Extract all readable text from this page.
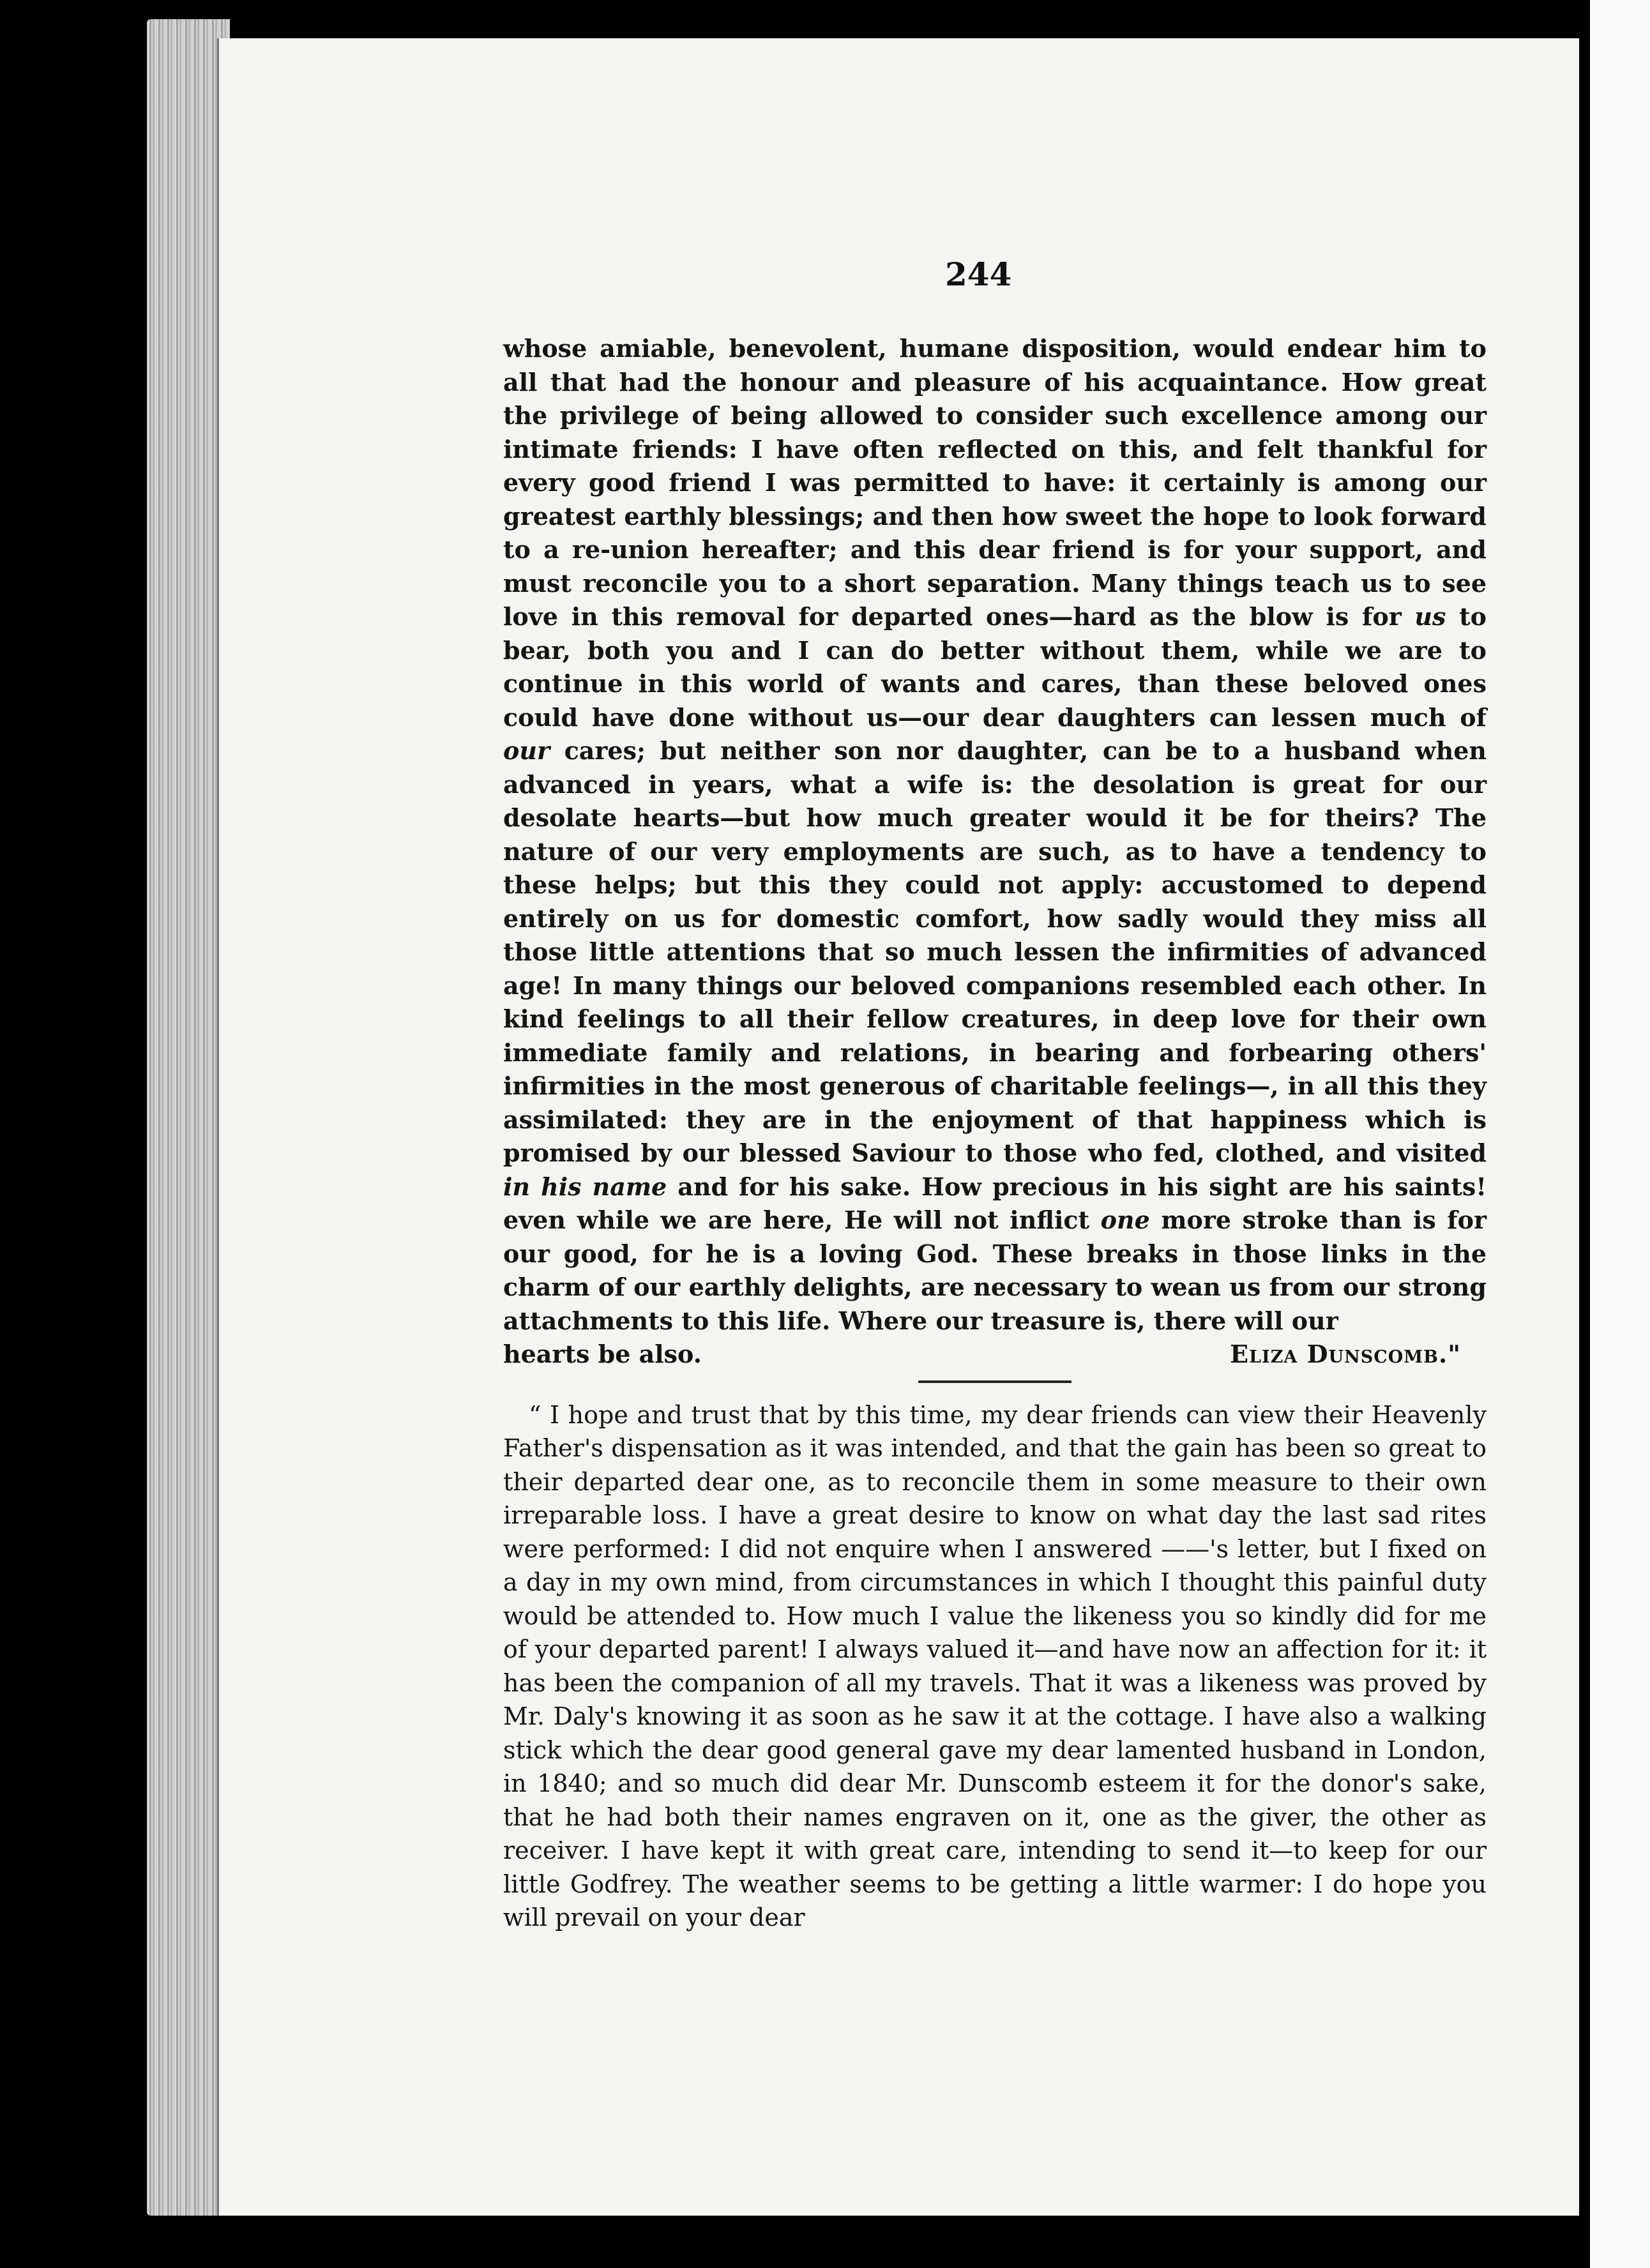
244

whose amiable, benevolent, humane disposition, would endear him to all that had the honour and pleasure of his acquaintance. How great the privilege of being allowed to consider such excellence among our intimate friends: I have often reflected on this, and felt thankful for every good friend I was permitted to have: it certainly is among our greatest earthly blessings; and then how sweet the hope to look forward to a re-union hereafter; and this dear friend is for your support, and must reconcile you to a short separation. Many things teach us to see love in this removal for departed ones—hard as the blow is for us to bear, both you and I can do better without them, while we are to continue in this world of wants and cares, than these beloved ones could have done without us—our dear daughters can lessen much of our cares; but neither son nor daughter, can be to a husband when advanced in years, what a wife is: the desolation is great for our desolate hearts—but how much greater would it be for theirs? The nature of our very employments are such, as to have a tendency to these helps; but this they could not apply: accustomed to depend entirely on us for domestic comfort, how sadly would they miss all those little attentions that so much lessen the infirmities of advanced age! In many things our beloved companions resembled each other. In kind feelings to all their fellow creatures, in deep love for their own immediate family and relations, in bearing and forbearing others' infirmities in the most generous of charitable feelings—, in all this they assimilated: they are in the enjoyment of that happiness which is promised by our blessed Saviour to those who fed, clothed, and visited in his name and for his sake. How precious in his sight are his saints! even while we are here, He will not inflict one more stroke than is for our good, for he is a loving God. These breaks in those links in the charm of our earthly delights, are necessary to wean us from our strong attachments to this life. Where our treasure is, there will our

hearts be also.	Eliza Dunscomb."

“ I hope and trust that by this time, my dear friends can view their Heavenly Father's dispensation as it was intended, and that the gain has been so great to their departed dear one, as to reconcile them in some measure to their own irreparable loss. I have a great desire to know on what day the last sad rites were performed: I did not enquire when I answered ——'s letter, but I fixed on a day in my own mind, from circumstances in which I thought this painful duty would be attended to. How much I value the likeness you so kindly did for me of your departed parent! I always valued it—and have now an affection for it: it has been the companion of all my travels. That it was a likeness was proved by Mr. Daly's knowing it as soon as he saw it at the cottage. I have also a walking stick which the dear good general gave my dear lamented husband in London, in 1840; and so much did dear Mr. Dunscomb esteem it for the donor's sake, that he had both their names engraven on it, one as the giver, the other as receiver. I have kept it with great care, intending to send it—to keep for our little Godfrey. The weather seems to be getting a little warmer: I do hope you will prevail on your dear
